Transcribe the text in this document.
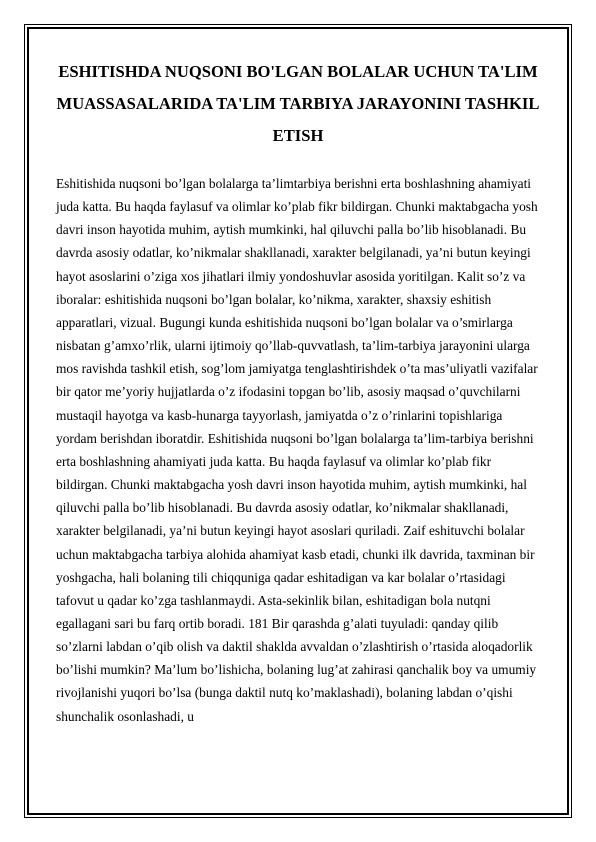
ESHITISHDA NUQSONI BO'LGAN BOLALAR UCHUN TA'LIM MUASSASALARIDA TA'LIM TARBIYA JARAYONINI TASHKIL ETISH

Eshitishida nuqsoni bo’lgan bolalarga ta’limtarbiya berishni erta boshlashning ahamiyati juda katta. Bu haqda faylasuf va olimlar ko’plab fikr bildirgan. Chunki maktabgacha yosh davri inson hayotida muhim, aytish mumkinki, hal qiluvchi palla bo’lib hisoblanadi. Bu davrda asosiy odatlar, ko’nikmalar shakllanadi, xarakter belgilanadi, ya’ni butun keyingi hayot asoslarini o’ziga xos jihatlari ilmiy yondoshuvlar asosida yoritilgan. Kalit so’z va iboralar: eshitishida nuqsoni bo’lgan bolalar, ko’nikma, xarakter, shaxsiy eshitish apparatlari, vizual. Bugungi kunda eshitishida nuqsoni bo’lgan bolalar va o’smirlarga nisbatan g’amxo’rlik, ularni ijtimoiy qo’llab-quvvatlash, ta’lim-tarbiya jarayonini ularga mos ravishda tashkil etish, sog’lom jamiyatga tenglashtirishdek o’ta mas’uliyatli vazifalar bir qator me’yoriy hujjatlarda o’z ifodasini topgan bo’lib, asosiy maqsad o’quvchilarni mustaqil hayotga va kasb-hunarga tayyorlash, jamiyatda o’z o’rinlarini topishlariga yordam berishdan iboratdir. Eshitishida nuqsoni bo’lgan bolalarga ta’lim-tarbiya berishni erta boshlashning ahamiyati juda katta. Bu haqda faylasuf va olimlar ko’plab fikr bildirgan. Chunki maktabgacha yosh davri inson hayotida muhim, aytish mumkinki, hal qiluvchi palla bo’lib hisoblanadi. Bu davrda asosiy odatlar, ko’nikmalar shakllanadi, xarakter belgilanadi, ya’ni butun keyingi hayot asoslari quriladi. Zaif eshituvchi bolalar uchun maktabgacha tarbiya alohida ahamiyat kasb etadi, chunki ilk davrida, taxminan bir yoshgacha, hali bolaning tili chiqqunigа qadar eshitadigan va kar bolalar o’rtasidagi tafovut u qadar ko’zga tashlanmaydi. Asta-sekinlik bilan, eshitadigan bola nutqni egallagani sari bu farq ortib boradi. 181 Bir qarashda g’alati tuyuladi: qanday qilib so’zlarni labdan o’qib olish va daktil shaklda avvaldan o’zlashtirish o’rtasida aloqadorlik bo’lishi mumkin? Ma’lum bo’lishicha, bolaning lug’at zahirasi qanchalik boy va umumiy rivojlanishi yuqori bo’lsa (bunga daktil nutq ko’maklashadi), bolaning labdan o’qishi shunchalik osonlashadi, u
